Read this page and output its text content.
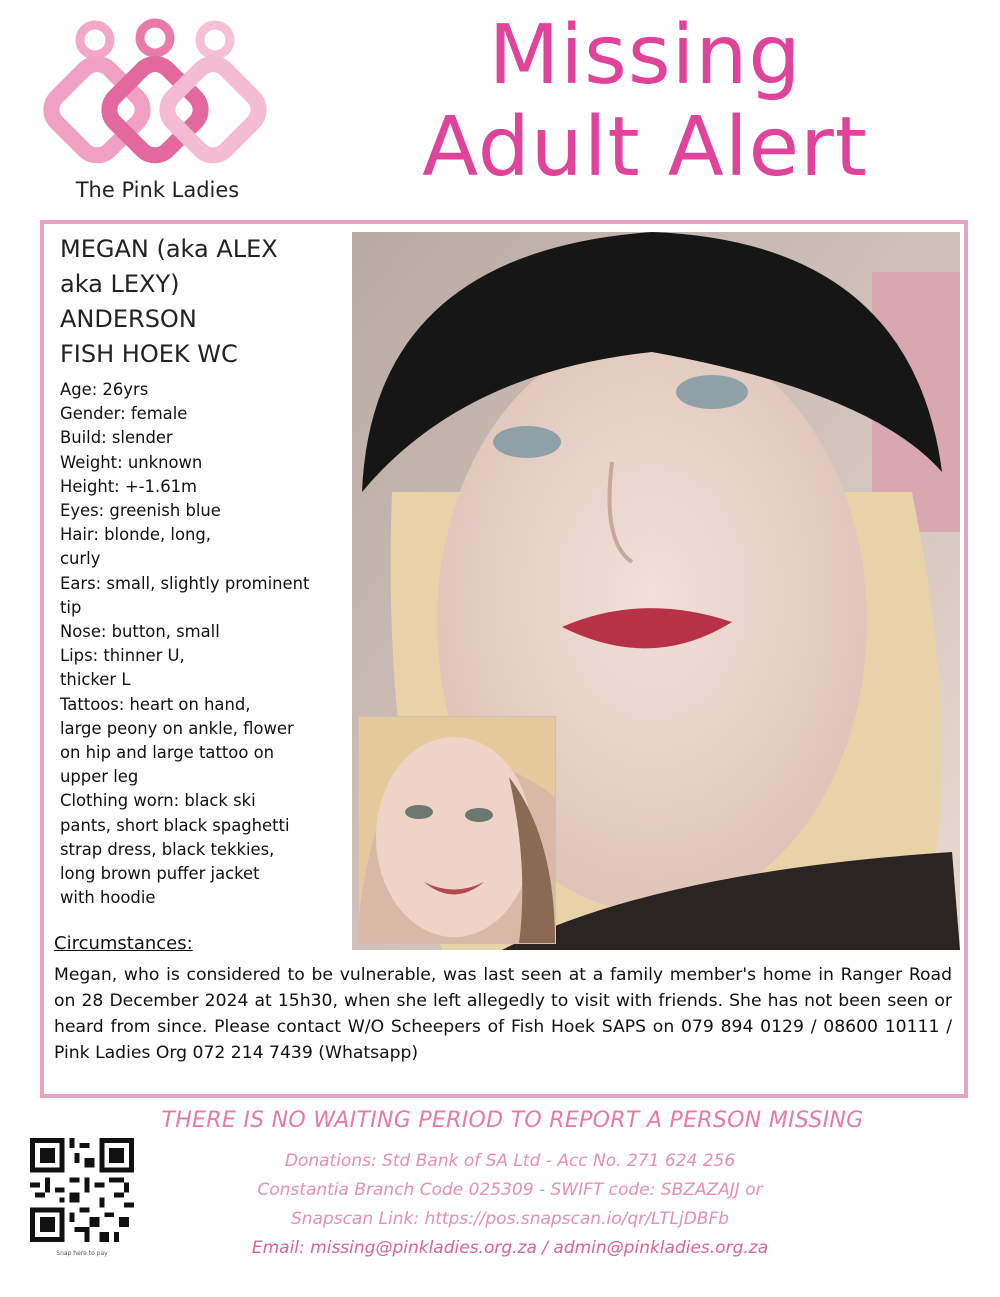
The Pink Ladies
Missing
Adult Alert
MEGAN (aka ALEX
aka LEXY)
ANDERSON
FISH HOEK WC
Age: 26yrs
Gender: female
Build: slender
Weight: unknown
Height: +-1.61m
Eyes: greenish blue
Hair: blonde, long,
curly
Ears: small, slightly prominent
tip
Nose: button, small
Lips: thinner U,
thicker L
Tattoos: heart on hand,
large peony on ankle, flower
on hip and large tattoo on
upper leg
Clothing worn: black ski
pants, short black spaghetti
strap dress, black tekkies,
long brown puffer jacket
with hoodie
Circumstances:
Megan, who is considered to be vulnerable, was last seen at a family member's home in Ranger Road on 28 December 2024 at 15h30, when she left allegedly to visit with friends. She has not been seen or heard from since. Please contact W/O Scheepers of Fish Hoek SAPS on 079 894 0129 / 08600 10111 / Pink Ladies Org 072 214 7439 (Whatsapp)
THERE IS NO WAITING PERIOD TO REPORT A PERSON MISSING
Donations: Std Bank of SA Ltd - Acc No. 271 624 256
Constantia Branch Code 025309 - SWIFT code: SBZAZAJJ or
Snapscan Link: https://pos.snapscan.io/qr/LTLjDBFb
Email: missing@pinkladies.org.za / admin@pinkladies.org.za
Snap here to pay
